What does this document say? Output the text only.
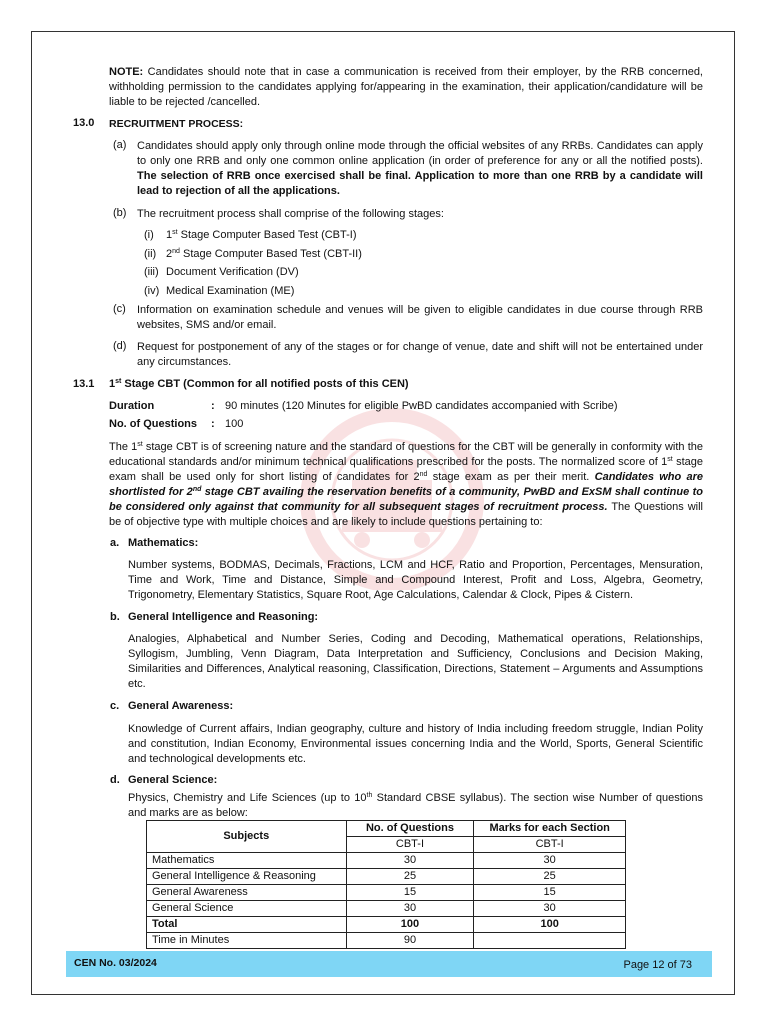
NOTE: Candidates should note that in case a communication is received from their employer, by the RRB concerned, withholding permission to the candidates applying for/appearing in the examination, their application/candidature will be liable to be rejected /cancelled.

13.0 RECRUITMENT PROCESS:
(a) Candidates should apply only through online mode through the official websites of any RRBs. Candidates can apply to only one RRB and only one common online application (in order of preference for any or all the notified posts). The selection of RRB once exercised shall be final. Application to more than one RRB by a candidate will lead to rejection of all the applications.

(b) The recruitment process shall comprise of the following stages:

(i) 1st Stage Computer Based Test (CBT-I)
(ii) 2nd Stage Computer Based Test (CBT-II)
(iii) Document Verification (DV)
(iv) Medical Examination (ME)
(c) Information on examination schedule and venues will be given to eligible candidates in due course through RRB websites, SMS and/or email.

(d) Request for postponement of any of the stages or for change of venue, date and shift will not be entertained under any circumstances.

13.1 1st Stage CBT (Common for all notified posts of this CEN)

Duration	: 90 minutes (120 Minutes for eligible PwBD candidates accompanied with Scribe)
No. of Questions : 100

The 1st stage CBT is of screening nature and the standard of questions for the CBT will be generally in conformity with the educational standards and/or minimum technical qualifications prescribed for the posts. The normalized score of 1st stage exam shall be used only for short listing of candidates for 2nd stage exam as per their merit. Candidates who are shortlisted for 2nd stage CBT availing the reservation benefits of a community, PwBD and ExSM shall continue to be considered only against that community for all subsequent stages of recruitment process. The Questions will be of objective type with multiple choices and are likely to include questions pertaining to:

a. Mathematics:

Number systems, BODMAS, Decimals, Fractions, LCM and HCF, Ratio and Proportion, Percentages, Mensuration, Time and Work, Time and Distance, Simple and Compound Interest, Profit and Loss, Algebra, Geometry, Trigonometry, Elementary Statistics, Square Root, Age Calculations, Calendar & Clock, Pipes & Cistern.

b. General Intelligence and Reasoning:

Analogies, Alphabetical and Number Series, Coding and Decoding, Mathematical operations, Relationships, Syllogism, Jumbling, Venn Diagram, Data Interpretation and Sufficiency, Conclusions and Decision Making, Similarities and Differences, Analytical reasoning, Classification, Directions, Statement – Arguments and Assumptions etc.

c. General Awareness:

Knowledge of Current affairs, Indian geography, culture and history of India including freedom struggle, Indian Polity and constitution, Indian Economy, Environmental issues concerning India and the World, Sports, General Scientific and technological developments etc.

d. General Science:

Physics, Chemistry and Life Sciences (up to 10th Standard CBSE syllabus). The section wise Number of questions and marks are as below:

Subjects	No. of Questions	Marks for each Section
	CBT-I	CBT-I
Mathematics	30	30
General Intelligence & Reasoning	25	25
General Awareness	15	15
General Science	30	30
Total	100	100
Time in Minutes	90	
CEN No. 03/2024	Page 12 of 73
